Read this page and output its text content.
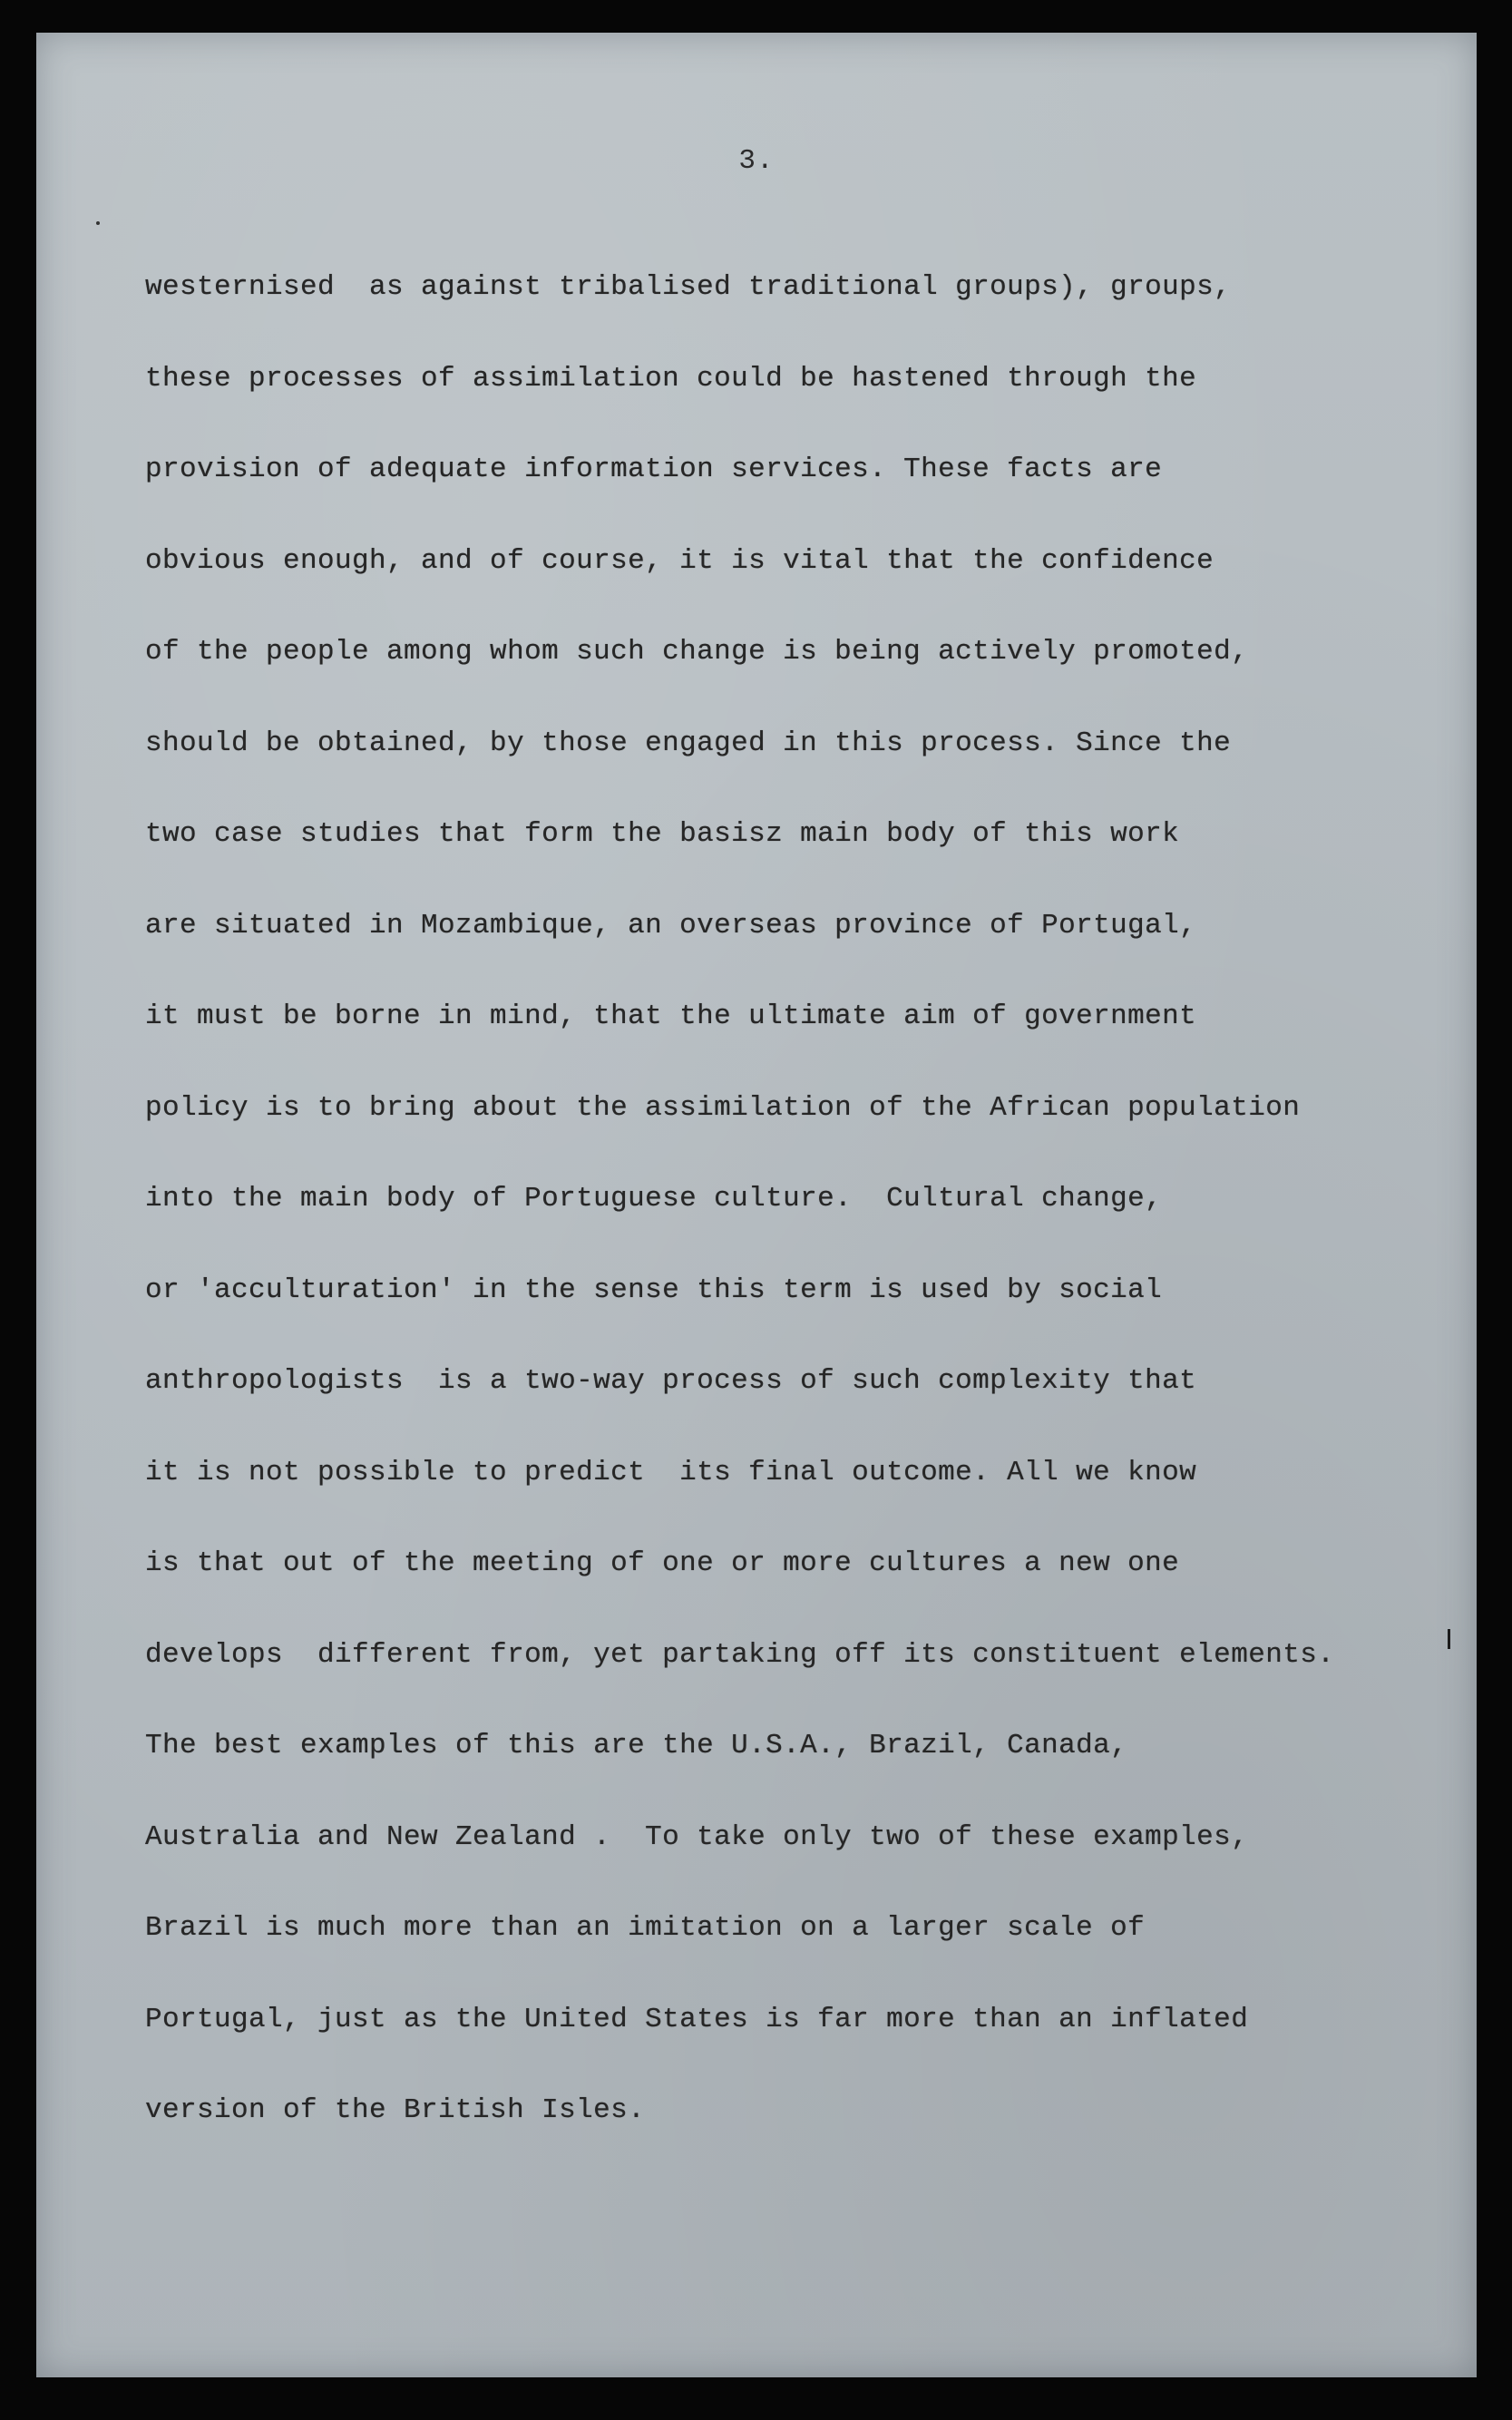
3.
westernised  as against tribalised traditional groups), groups,
these processes of assimilation could be hastened through the
provision of adequate information services. These facts are
obvious enough, and of course, it is vital that the confidence
of the people among whom such change is being actively promoted,
should be obtained, by those engaged in this process. Since the
two case studies that form the basisz main body of this work
are situated in Mozambique, an overseas province of Portugal,
it must be borne in mind, that the ultimate aim of government
policy is to bring about the assimilation of the African population
into the main body of Portuguese culture.  Cultural change,
or 'acculturation' in the sense this term is used by social
anthropologists  is a two-way process of such complexity that
it is not possible to predict  its final outcome. All we know
is that out of the meeting of one or more cultures a new one
develops  different from, yet partaking off its constituent elements.
The best examples of this are the U.S.A., Brazil, Canada,
Australia and New Zealand .  To take only two of these examples,
Brazil is much more than an imitation on a larger scale of
Portugal, just as the United States is far more than an inflated
version of the British Isles.
